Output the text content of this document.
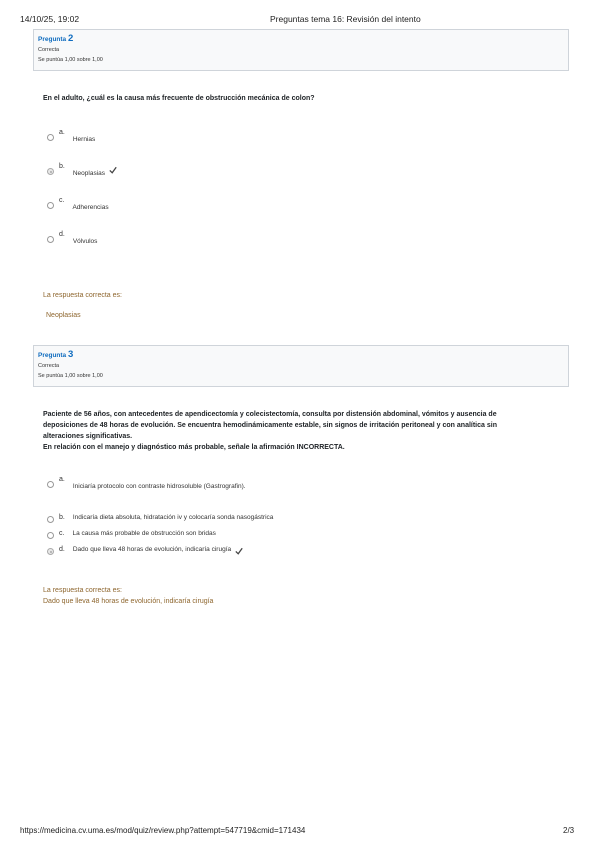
14/10/25, 19:02	Preguntas tema 16: Revisión del intento
Pregunta 2
Correcta
Se puntúa 1,00 sobre 1,00
En el adulto, ¿cuál es la causa más frecuente de obstrucción mecánica de colon?
a.
Hernias
b.
Neoplasias
c.
Adherencias
d.
Vólvulos
La respuesta correcta es:
Neoplasias
Pregunta 3
Correcta
Se puntúa 1,00 sobre 1,00
Paciente de 56 años, con antecedentes de apendicectomía y colecistectomía, consulta por distensión abdominal, vómitos y ausencia de
deposiciones de 48 horas de evolución. Se encuentra hemodinámicamente estable, sin signos de irritación peritoneal y con analítica sin
alteraciones significativas.
En relación con el manejo y diagnóstico más probable, señale la afirmación INCORRECTA.
a.
Iniciaría protocolo con contraste hidrosoluble (Gastrografin).
b. Indicaría dieta absoluta, hidratación iv y colocaría sonda nasogástrica
c. La causa más probable de obstrucción son bridas
d. Dado que lleva 48 horas de evolución, indicaría cirugía
La respuesta correcta es:
Dado que lleva 48 horas de evolución, indicaría cirugía
https://medicina.cv.uma.es/mod/quiz/review.php?attempt=547719&cmid=171434	2/3
